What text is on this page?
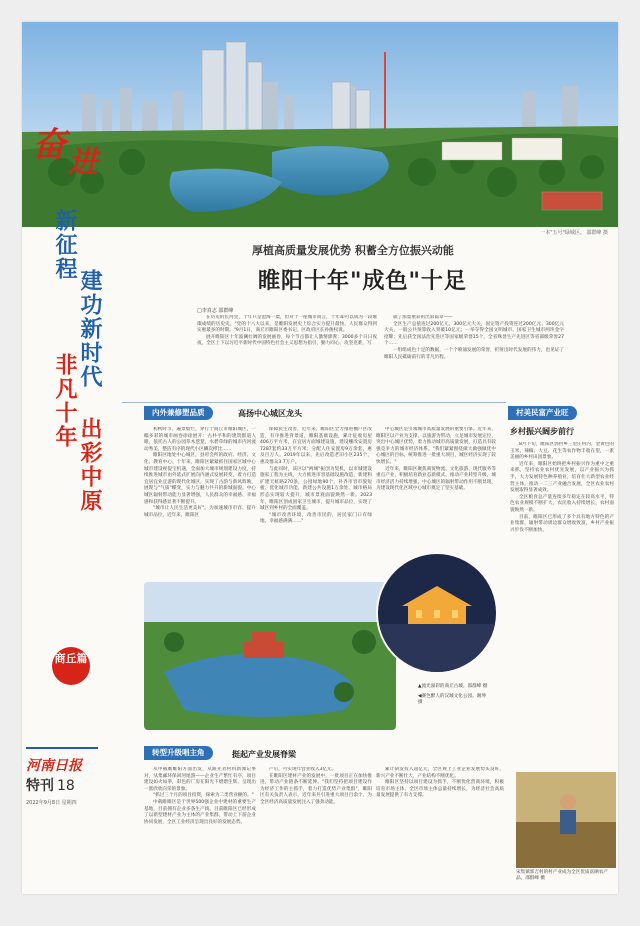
一本"五号"绿城区。 邵群峰 摄
奋 进
新征程
建功新时代
非凡十年
出彩中原
商丘篇
河南日报
特刊 18
2022年9月8日 星期四
厚植高质量发展优势 积蓄全方位振兴动能
睢阳十年"成色"十足
□李真志 邵群峰

在历史的长河里，十年只是沧海一粟，但对于一座城市而言，十年却可以成为一段璀璨成绩的历史史。"党的十八大以来，是睢阳发展史上综合实力提升最快、人民群众得到实惠最多的时期。"9月1日，商丘市睢阳区委书记、区政府区长孙俊权说。

展开睢阳区十年波澜壮阔的发展画卷，每个节点都让人激情澎湃：3000多个日日夜夜，全区上下以习近平新时代中国特色社会主义思想为指引，勤力同心、攻坚克难，写

就了浓墨重彩的出彩篇章——

全区生产总值连过200亿元、300亿元大关，固定资产投资连过200亿元、300亿元大关，一般公共预算收入突破10亿元；一举夺得全国文明城市、国家卫生城市两块金字招牌；先后获全国法治先进区等国家级荣誉15个，全省殊誉生产先进区等省部级荣誉27个……

一组组成色十足的数据，一个个喷涌发展的荣誉，折射出时代发展的伟力，也见证了睢阳人民砥砺前行的非凡历程。

内外兼修塑品质	高扬中心城区龙头

初秋时节，遍景灿烂，穿行于商丘市睢阳城区，一幅多彩的城市画卷徐徐展开：古朴平和的建筑群道人眼，依托古人的公园草木葱茏，水碧草绿的城市内河流动秀美，整洁有序的现代小区鳞次栉比……

睢阳区地处中心城区，县府会所的政府、经济、文化、教育中心。十年来，睢阳区紧紧抓住国家区城中心城市建设视提宝机遇，全面加大城市规划建设力度，持续推进城市由外延式扩展向内涵式发展转变，着力打造宜居宜业宜游的现代化城区，实现了古韵与新风辉映，展现与"气质"蝶变，实力与魅力共升的新城面貌。中心城区辐射带动能力显著增强，人民群众的幸福感、幸福感和获得感显著不断提升。

"城市让人民生活更美好"。为加速城市市容、提升城市品位，近年来，睢阳区

保障民生改善，近年来，睢阳区全力推进棚户区改造，有序推进背景道，睢阳基础设施，累计征收房屋406万平方米，在宜居方面城建设施，建设棚改安置房7287套约33万平方米；分配人住安置房9万余套，惠及百万人。2019年以来，先后改造老旧小区235个，惠及群众3.7万户。

与此同时，该区以"两城"振创为契机，以市城建设施家工程为主线，大力推进市容基础设施改造，新建和扩建天虹路270条，公园绿地90个，补齐市容市貌短板、优化城市功能，新建公共设施1万余处、城市格局形态实现较大提升，城市景观面貌焕然一新。2023年，睢阳区创成国家卫生城市，提升城市品位，实现了城区到乡村的全面覆盖。

"城市改善环境，改善市民的，居民家门口有绿地，幸福感满满……"

中心城区是引领城市高质量发展的重要引擎。近年来，睢阳区以产业为支撑，以旅游为带动，立足城市发展定位，突出中心城区优势，着力推动城市高质量发展，打造具有较强竞争力的城市经济体系。"我们紧紧围绕做大做强做优中心城区的目标，统筹推进一批重大项目，城区经济实现了较快增长。"

近年来，睢阳区聚焦商贸物流、文化旅游、现代服务等重点产业，积极培育新业态新模式，推动产业转型升级，城市经济活力持续增强，中心城区的辐射带动作用不断显现，为建设现代化区域中心城市奠定了坚实基础。

▲流光溢彩的商丘古城。邵群峰 摄

◀赛色醉人的汉城文化公园。谢坤 摄

转型升级唱主角	挺起产业发展脊梁

从中截睢睢阳方面出发，从跟先者村料新闻记事对，从集邮环保回河尾游——企业生产繁忙有序，项目建设如火如荼，彩色的厂房在阳光下熠熠生辉，呈现出一派欣欣向荣的景象。

"抓过三个月的项目投资，探索为二类营业额的。"

中载睢睢区是于世界500强企业中建材的重要生产基地，目前拥有企业多条生产线，目前睢阳区已经形成了以新型建材产业为主体的产业集群，带动上下游企业协同发展，全区工业经济呈现出良好的发展态势。

产后，可实现年营业收入3亿元。

在睢阳区建材产业的发展中，一批项目正在加快推进，带动产业链条不断延伸。"我们坚持把项目建设作为经济工作的主抓手，着力打造优势产业集群"，睢阳区有关负责人表示，近年来共引进重大项目百余个，为全区经济高质量发展注入了强劲动能。

累计研发投入超亿元，全区规上工业企业发展势头良好，新兴产业不断壮大，产业结构不断优化。

睢阳区坚持以项目建设为抓手，不断优化营商环境，积极培育市场主体，全区市场主体总量持续增长，为经济社会高质量发展提供了有力支撑。

村美民富产业旺
乡村振兴阔步前行

8月下旬，睢阳区郭村乡三里庄村内，金黄色的玉米、辣椒、大豆、花生等农作物丰收在望，一派美丽的乡村田园景象。

近年来，睢阳区始终把乡村振兴作为重中之重来抓，坚持农业农村优先发展，以产业振兴为抓手，大力发展特色种养殖业，培育壮大新型农业经营主体，推动一二三产业融合发展，全区农业农村发展取得显著成效。

全区粮食总产量连续多年稳定在较高水平，特色农业规模不断扩大，农民收入持续增长，农村面貌焕然一新。

目前，睢阳区已形成了多个具有地方特色的产业集群，辐射带动周边群众增收致富，乡村产业振兴步伐不断加快。

宋集镇郭吉村的村产业成为全区优质富硒农产品。邵群峰 摄
